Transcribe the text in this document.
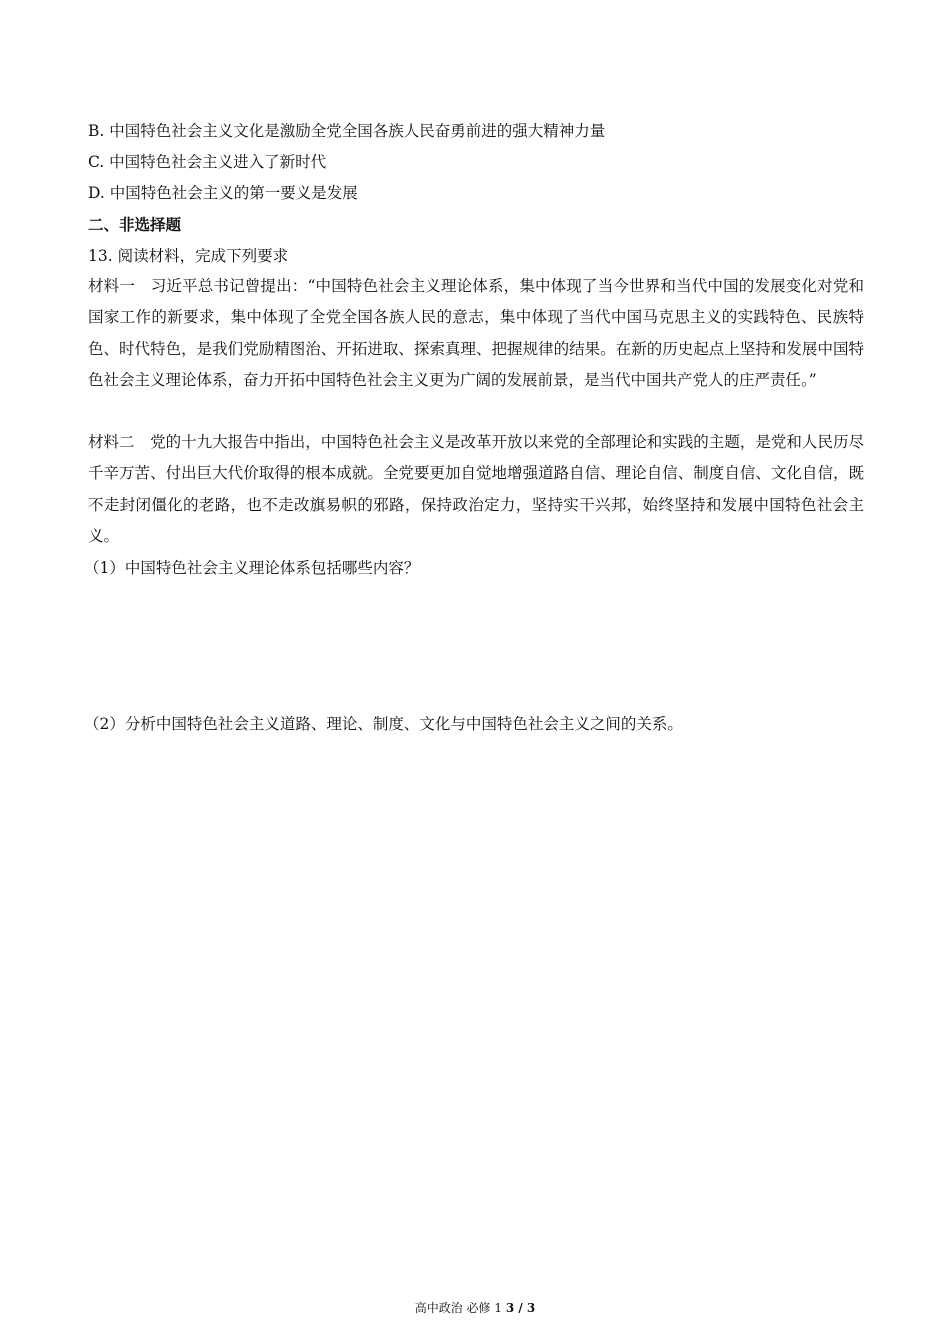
B. 中国特色社会主义文化是激励全党全国各族人民奋勇前进的强大精神力量
C. 中国特色社会主义进入了新时代
D. 中国特色社会主义的第一要义是发展
二、非选择题
13. 阅读材料，完成下列要求
材料一　习近平总书记曾提出：“中国特色社会主义理论体系，集中体现了当今世界和当代中国的发展变化对党和国家工作的新要求，集中体现了全党全国各族人民的意志，集中体现了当代中国马克思主义的实践特色、民族特色、时代特色，是我们党励精图治、开拓进取、探索真理、把握规律的结果。在新的历史起点上坚持和发展中国特色社会主义理论体系，奋力开拓中国特色社会主义更为广阔的发展前景，是当代中国共产党人的庄严责任。”
材料二　党的十九大报告中指出，中国特色社会主义是改革开放以来党的全部理论和实践的主题，是党和人民历尽千辛万苦、付出巨大代价取得的根本成就。全党要更加自觉地增强道路自信、理论自信、制度自信、文化自信，既不走封闭僵化的老路，也不走改旗易帜的邪路，保持政治定力，坚持实干兴邦，始终坚持和发展中国特色社会主义。
（1）中国特色社会主义理论体系包括哪些内容？
（2）分析中国特色社会主义道路、理论、制度、文化与中国特色社会主义之间的关系。
高中政治 必修 1 3 / 3
